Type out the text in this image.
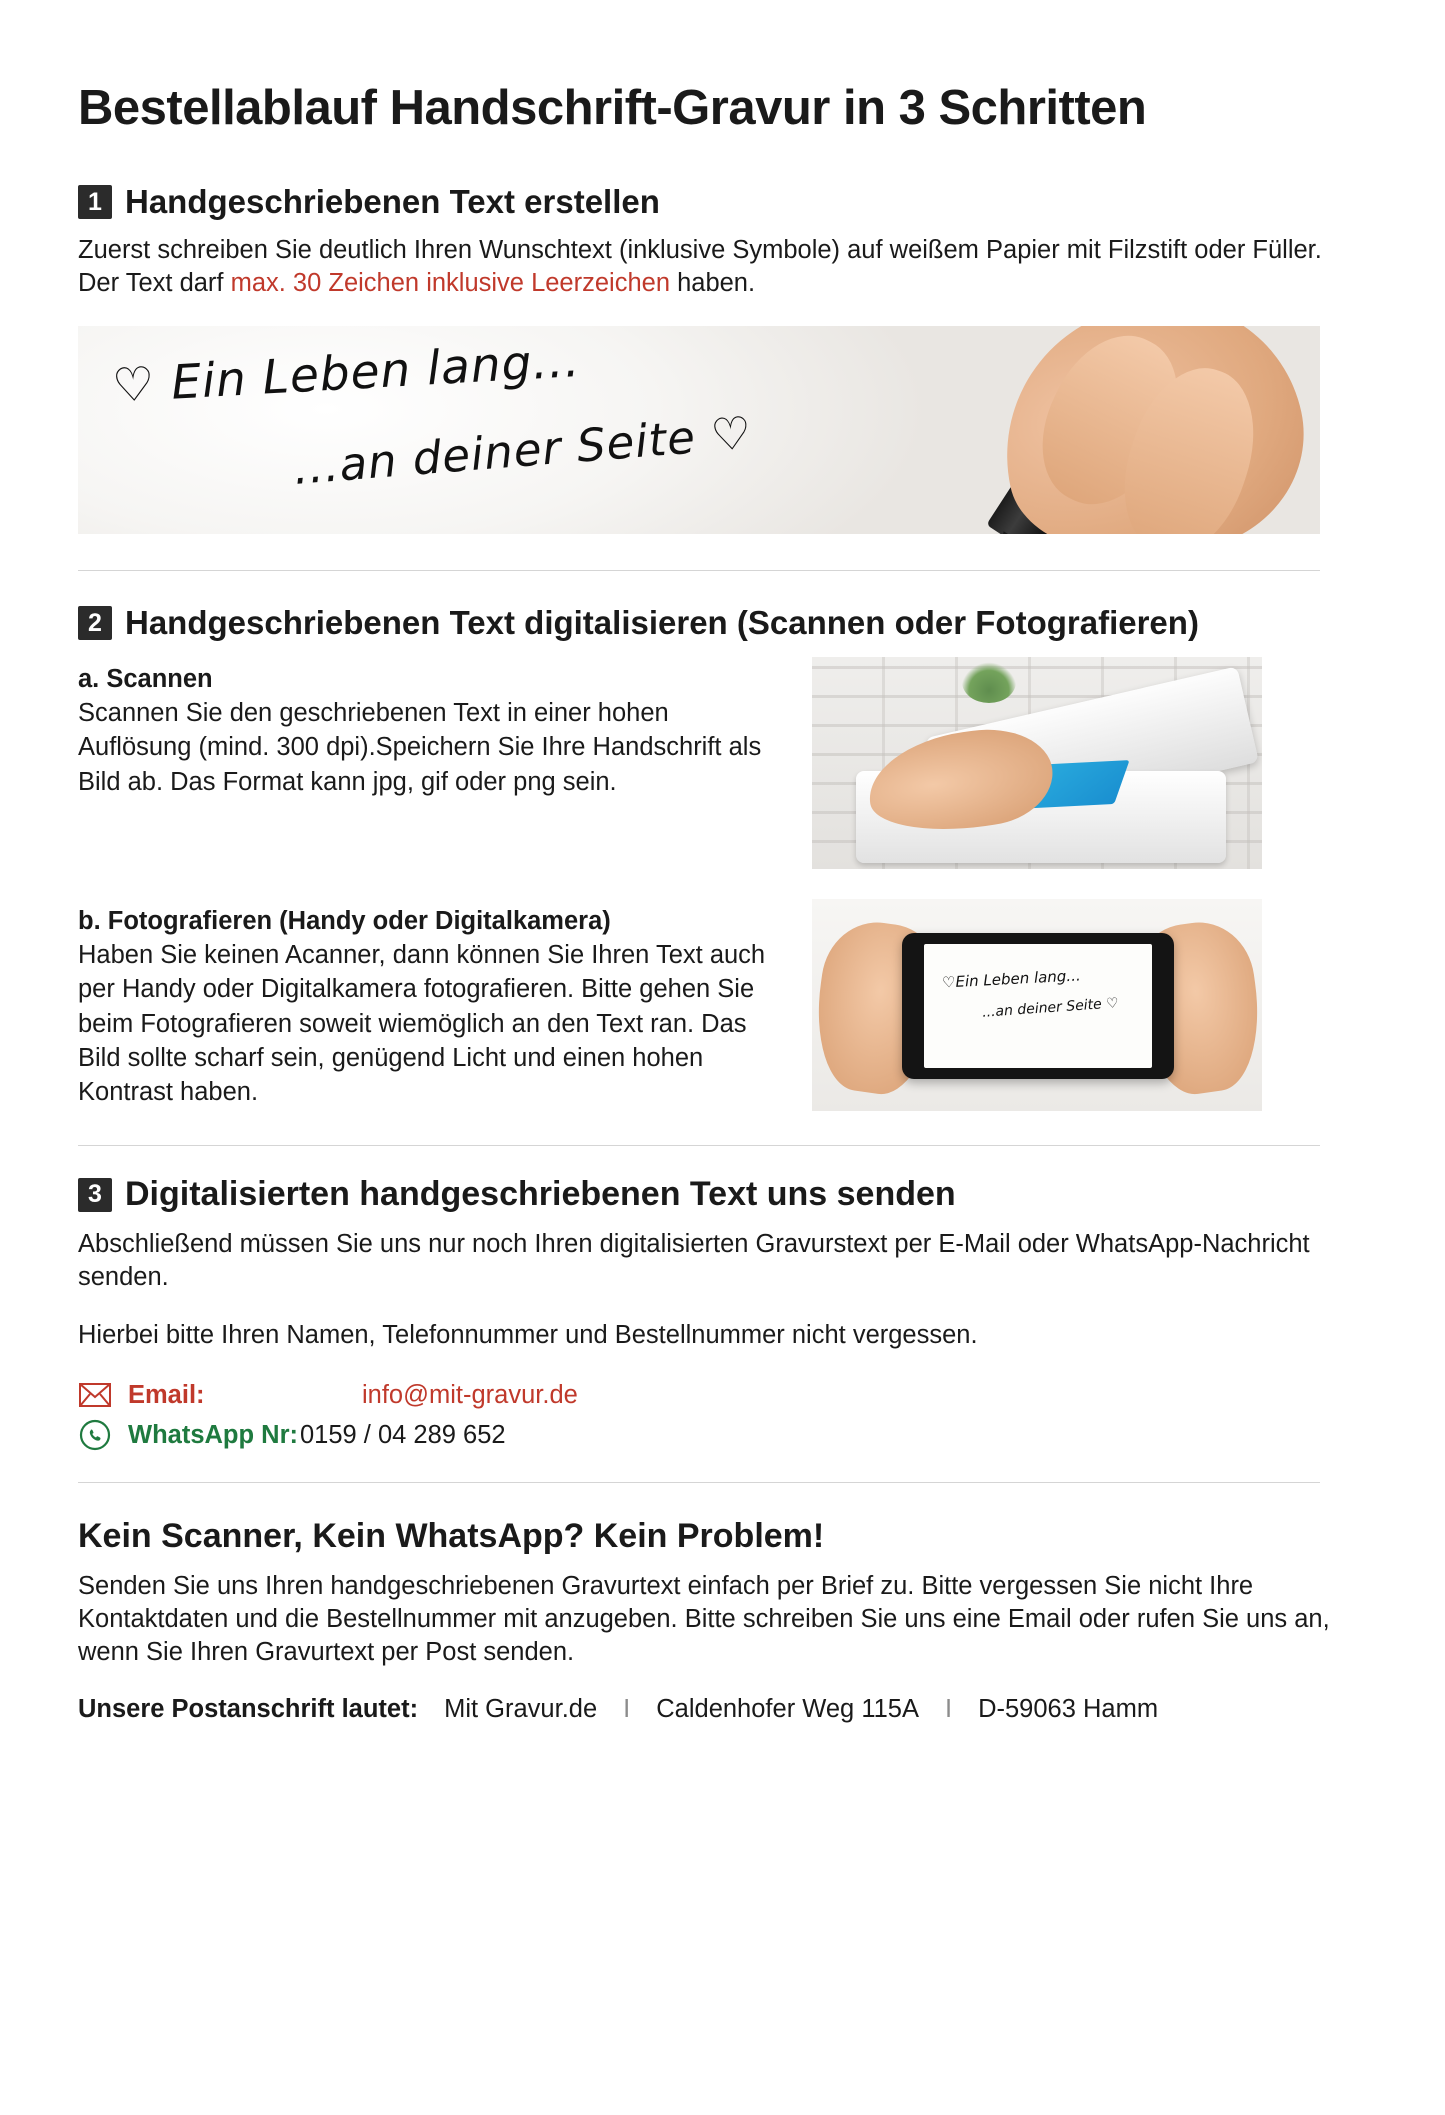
Bestellablauf Handschrift-Gravur in 3 Schritten
1 Handgeschriebenen Text erstellen

Zuerst schreiben Sie deutlich Ihren Wunschtext (inklusive Symbole) auf weißem Papier mit Filzstift oder Füller. Der Text darf max. 30 Zeichen inklusive Leerzeichen haben.

♡ Ein Leben lang...
...an deiner Seite ♡
2 Handgeschriebenen Text digitalisieren (Scannen oder Fotografieren)
a. Scannen
Scannen Sie den geschriebenen Text in einer hohen Auflösung (mind. 300 dpi).Speichern Sie Ihre Handschrift als Bild ab. Das Format kann jpg, gif oder png sein.
b. Fotografieren (Handy oder Digitalkamera)
Haben Sie keinen Acanner, dann können Sie Ihren Text auch per Handy oder Digitalkamera fotografieren. Bitte gehen Sie beim Fotografieren soweit wiemöglich an den Text ran. Das Bild sollte scharf sein, genügend Licht und einen hohen Kontrast haben.
♡Ein Leben lang...
...an deiner Seite ♡
3 Digitalisierten handgeschriebenen Text uns senden

Abschließend müssen Sie uns nur noch Ihren digitalisierten Gravurstext per E-Mail oder WhatsApp-Nachricht senden.

Hierbei bitte Ihren Namen, Telefonnummer und Bestellnummer nicht vergessen.

Email:	info@mit-gravur.de
WhatsApp Nr: 0159 / 04 289 652
Kein Scanner, Kein WhatsApp? Kein Problem!

Senden Sie uns Ihren handgeschriebenen Gravurtext einfach per Brief zu. Bitte vergessen Sie nicht Ihre Kontaktdaten und die Bestellnummer mit anzugeben. Bitte schreiben Sie uns eine Email oder rufen Sie uns an, wenn Sie Ihren Gravurtext per Post senden.

Unsere Postanschrift lautet: Mit Gravur.de I Caldenhofer Weg 115A I D-59063 Hamm
